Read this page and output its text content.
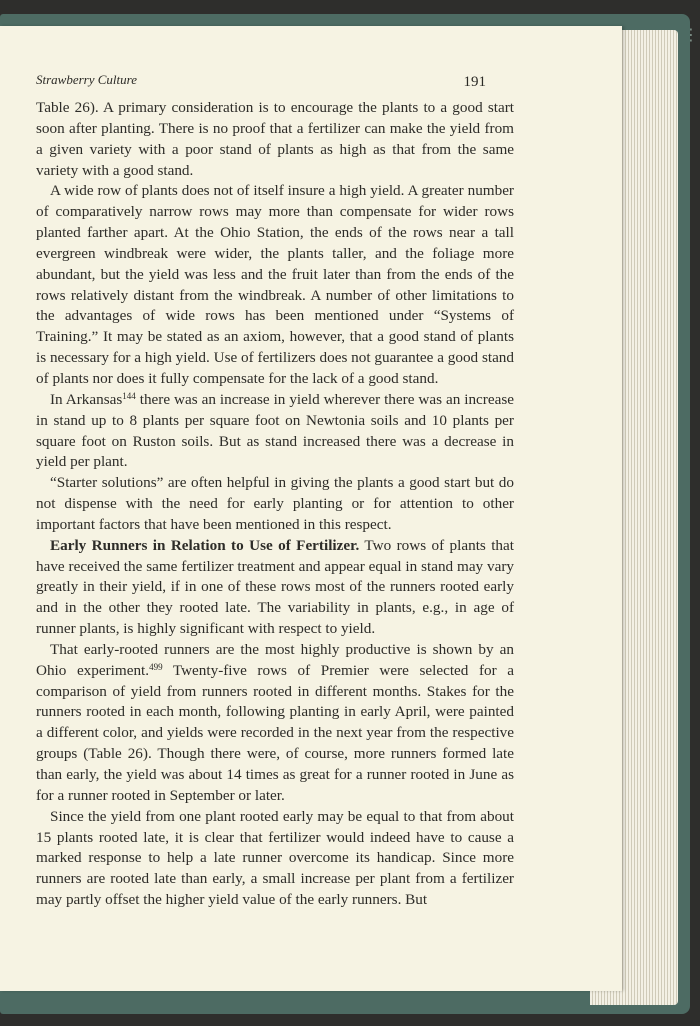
⋮
Strawberry Culture	191

Table 26). A primary consideration is to encourage the plants to a good start soon after planting. There is no proof that a fertilizer can make the yield from a given variety with a poor stand of plants as high as that from the same variety with a good stand.

A wide row of plants does not of itself insure a high yield. A greater number of comparatively narrow rows may more than compensate for wider rows planted farther apart. At the Ohio Station, the ends of the rows near a tall evergreen windbreak were wider, the plants taller, and the foliage more abundant, but the yield was less and the fruit later than from the ends of the rows relatively distant from the windbreak. A number of other limitations to the advantages of wide rows has been mentioned under “Systems of Training.” It may be stated as an axiom, however, that a good stand of plants is necessary for a high yield. Use of fertilizers does not guarantee a good stand of plants nor does it fully compensate for the lack of a good stand.

In Arkansas$^{144}$ there was an increase in yield wherever there was an increase in stand up to 8 plants per square foot on Newtonia soils and 10 plants per square foot on Ruston soils. But as stand increased there was a decrease in yield per plant.

“Starter solutions” are often helpful in giving the plants a good start but do not dispense with the need for early planting or for attention to other important factors that have been mentioned in this respect.

Early Runners in Relation to Use of Fertilizer. Two rows of plants that have received the same fertilizer treatment and appear equal in stand may vary greatly in their yield, if in one of these rows most of the runners rooted early and in the other they rooted late. The variability in plants, e.g., in age of runner plants, is highly significant with respect to yield.

That early-rooted runners are the most highly productive is shown by an Ohio experiment.$^{499}$ Twenty-five rows of Premier were selected for a comparison of yield from runners rooted in different months. Stakes for the runners rooted in each month, following planting in early April, were painted a different color, and yields were recorded in the next year from the respective groups (Table 26). Though there were, of course, more runners formed late than early, the yield was about 14 times as great for a runner rooted in June as for a runner rooted in September or later.

Since the yield from one plant rooted early may be equal to that from about 15 plants rooted late, it is clear that fertilizer would indeed have to cause a marked response to help a late runner overcome its handicap. Since more runners are rooted late than early, a small increase per plant from a fertilizer may partly offset the higher yield value of the early runners. But
